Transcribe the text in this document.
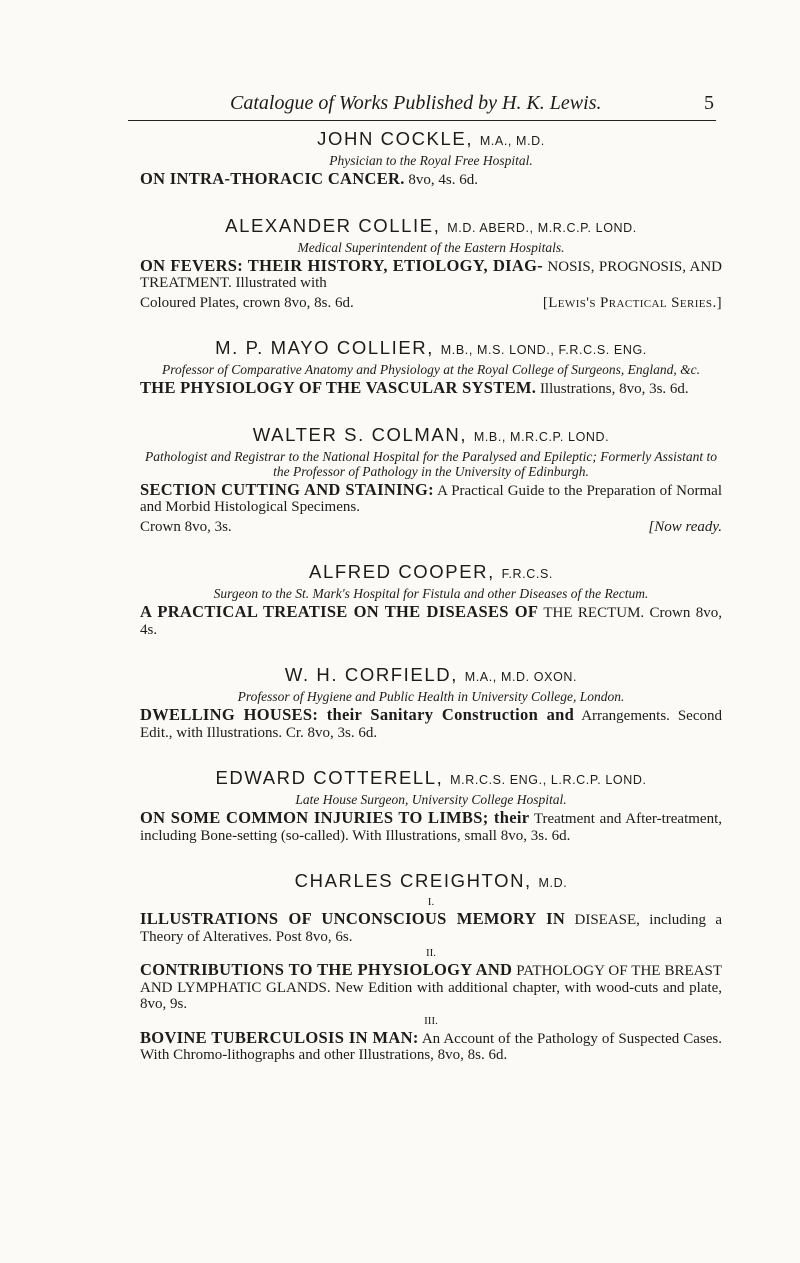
Catalogue of Works Published by H. K. Lewis.	5
JOHN COCKLE, M.A., M.D.
Physician to the Royal Free Hospital.
ON INTRA-THORACIC CANCER. 8vo, 4s. 6d.
ALEXANDER COLLIE, M.D. ABERD., M.R.C.P. LOND.
Medical Superintendent of the Eastern Hospitals.
ON FEVERS: THEIR HISTORY, ETIOLOGY, DIAG- NOSIS, PROGNOSIS, AND TREATMENT. Illustrated with
Coloured Plates, crown 8vo, 8s. 6d.	[Lewis's Practical Series.]
M. P. MAYO COLLIER, M.B., M.S. LOND., F.R.C.S. ENG.
Professor of Comparative Anatomy and Physiology at the Royal College of Surgeons, England, &c.
THE PHYSIOLOGY OF THE VASCULAR SYSTEM. Illustrations, 8vo, 3s. 6d.
WALTER S. COLMAN, M.B., M.R.C.P. LOND.
Pathologist and Registrar to the National Hospital for the Paralysed and Epileptic; Formerly Assistant to the Professor of Pathology in the University of Edinburgh.
SECTION CUTTING AND STAINING: A Practical Guide to the Preparation of Normal and Morbid Histological Specimens.
Crown 8vo, 3s.	[Now ready.
ALFRED COOPER, F.R.C.S.
Surgeon to the St. Mark's Hospital for Fistula and other Diseases of the Rectum.
A PRACTICAL TREATISE ON THE DISEASES OF THE RECTUM. Crown 8vo, 4s.
W. H. CORFIELD, M.A., M.D. OXON.
Professor of Hygiene and Public Health in University College, London.
DWELLING HOUSES: their Sanitary Construction and Arrangements. Second Edit., with Illustrations. Cr. 8vo, 3s. 6d.
EDWARD COTTERELL, M.R.C.S. ENG., L.R.C.P. LOND.
Late House Surgeon, University College Hospital.
ON SOME COMMON INJURIES TO LIMBS; their Treatment and After-treatment, including Bone-setting (so-called). With Illustrations, small 8vo, 3s. 6d.
CHARLES CREIGHTON, M.D.
I.
ILLUSTRATIONS OF UNCONSCIOUS MEMORY IN DISEASE, including a Theory of Alteratives. Post 8vo, 6s.
II.
CONTRIBUTIONS TO THE PHYSIOLOGY AND PATHOLOGY OF THE BREAST AND LYMPHATIC GLANDS. New Edition with additional chapter, with wood-cuts and plate, 8vo, 9s.
III.
BOVINE TUBERCULOSIS IN MAN: An Account of the Pathology of Suspected Cases. With Chromo-lithographs and other Illustrations, 8vo, 8s. 6d.
